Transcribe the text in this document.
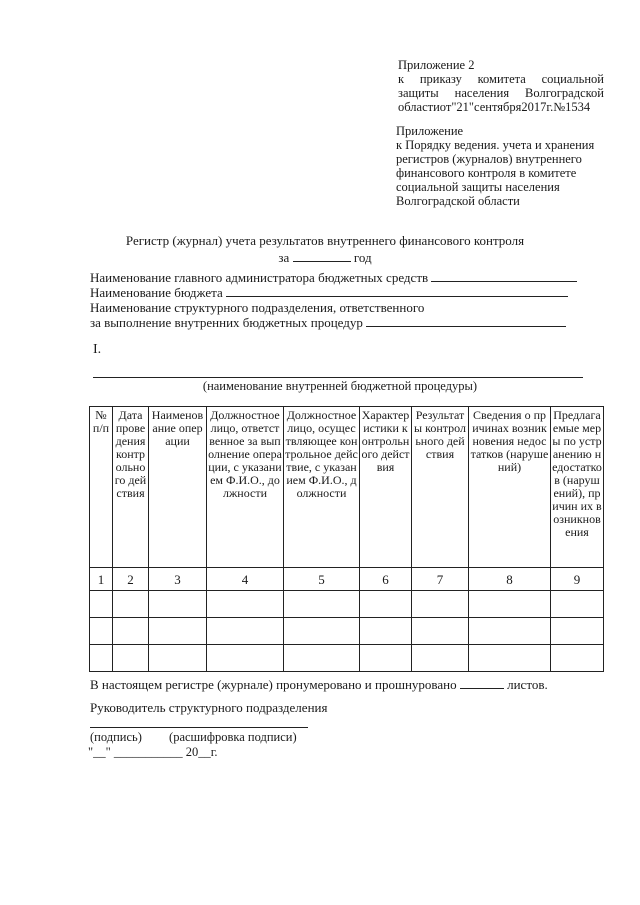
Приложение 2
к приказу комитета социальной
защиты населения Волгоградской
областиот"21"сентября2017г.№1534
Приложение
к Порядку ведения. учета и хранения
регистров (журналов) внутреннего
финансового контроля в комитете
социальной защиты населения
Волгоградской области
Регистр (журнал) учета результатов внутреннего финансового контроля
за	год
Наименование главного администратора бюджетных средств
Наименование бюджета
Наименование структурного подразделения, ответственного
за выполнение внутренних бюджетных процедур
I.
(наименование внутренней бюджетной процедуры)
№ п/п	Дата проведения контрольного действия	Наименование операции	Должностное лицо, ответственное за выполнение операции, с указанием Ф.И.О., должности	Должностное лицо, осуществляющее контрольное действие, с указанием Ф.И.О., должности	Характеристики контрольного действия	Результаты контрольного действия	Сведения о причинах возникновения недостатков (нарушений)	Предлагаемые меры по устранению недостатков (нарушений), причин их возникновения
1	2	3	4	5	6	7	8	9

В настоящем регистре (журнале) пронумеровано и прошнуровано	листов.
Руководитель структурного подразделения
(подпись) (расшифровка подписи)
"__" ___________ 20__г.
